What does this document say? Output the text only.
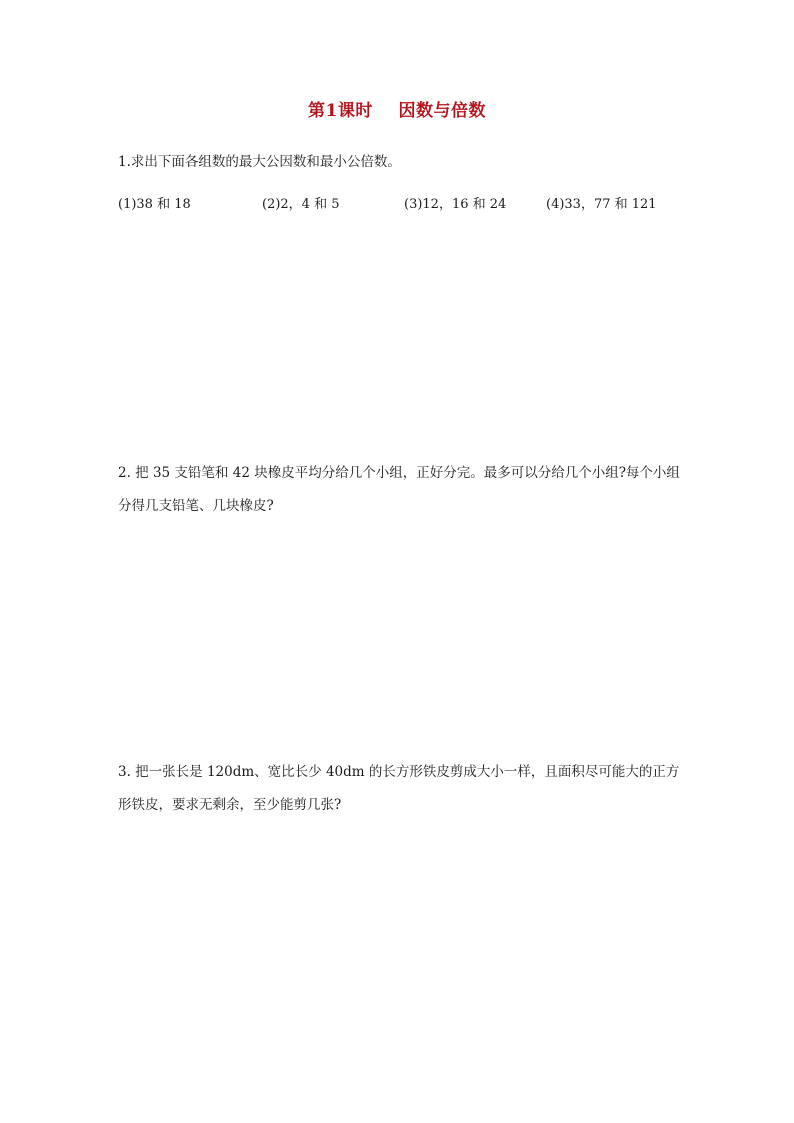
第1课时    因数与倍数
1.求出下面各组数的最大公因数和最小公倍数。
(1)38 和 18	(2)2，4 和 5	(3)12，16 和 24	(4)33，77 和 121
2. 把 35 支铅笔和 42 块橡皮平均分给几个小组，正好分完。最多可以分给几个小组?每个小组分得几支铅笔、几块橡皮?
3. 把一张长是 120dm、宽比长少 40dm 的长方形铁皮剪成大小一样，且面积尽可能大的正方形铁皮，要求无剩余，至少能剪几张?
